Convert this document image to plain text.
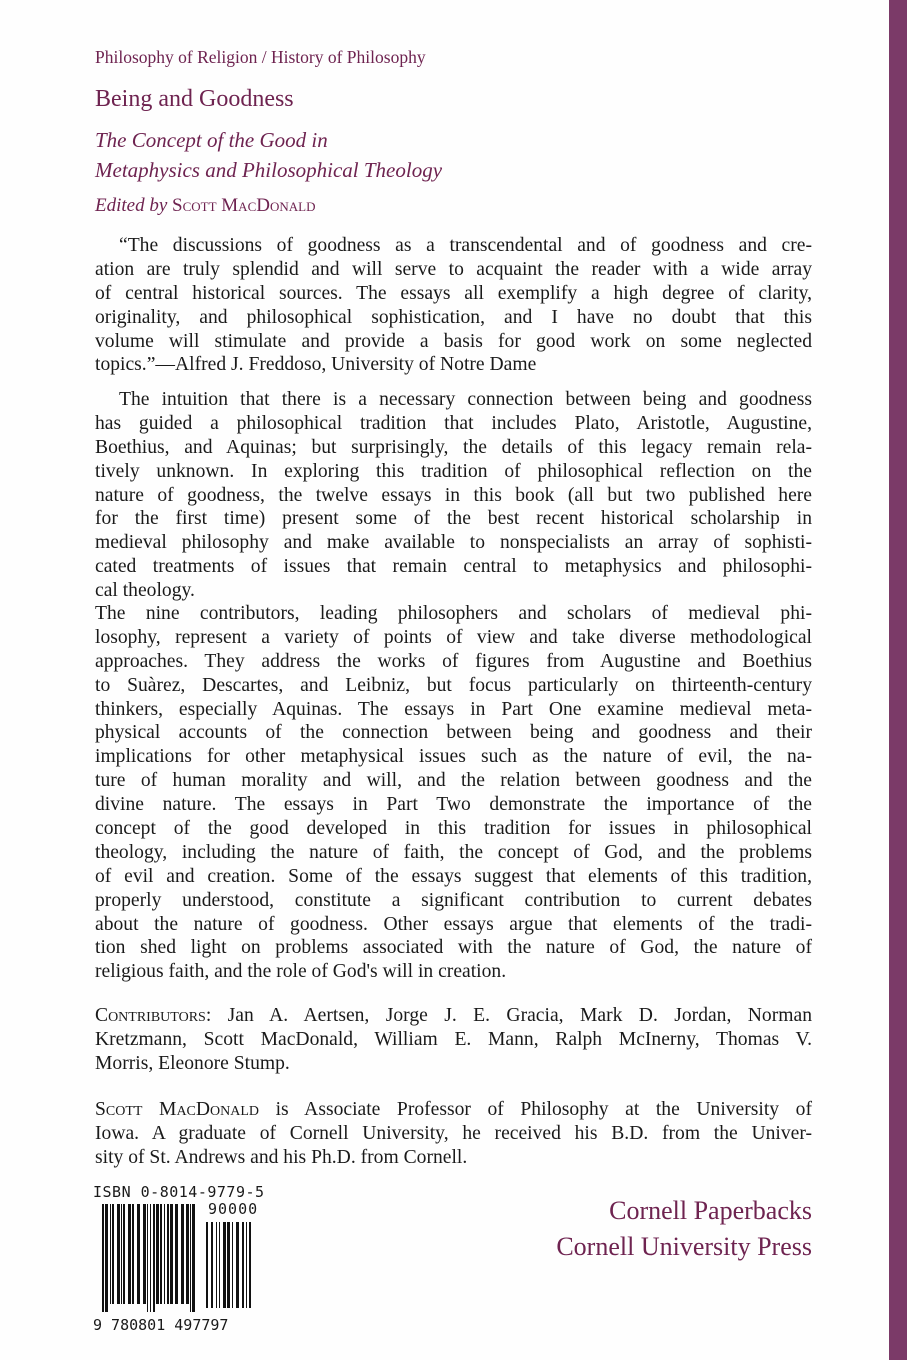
Philosophy of Religion / History of Philosophy
Being and Goodness
The Concept of the Good in
Metaphysics and Philosophical Theology
Edited by Scott MacDonald
“The discussions of goodness as a transcendental and of goodness and cre-
ation are truly splendid and will serve to acquaint the reader with a wide array
of central historical sources. The essays all exemplify a high degree of clarity,
originality, and philosophical sophistication, and I have no doubt that this
volume will stimulate and provide a basis for good work on some neglected
topics.”—Alfred J. Freddoso, University of Notre Dame
The intuition that there is a necessary connection between being and goodness
has guided a philosophical tradition that includes Plato, Aristotle, Augustine,
Boethius, and Aquinas; but surprisingly, the details of this legacy remain rela-
tively unknown. In exploring this tradition of philosophical reflection on the
nature of goodness, the twelve essays in this book (all but two published here
for the first time) present some of the best recent historical scholarship in
medieval philosophy and make available to nonspecialists an array of sophisti-
cated treatments of issues that remain central to metaphysics and philosophi-
cal theology.
The nine contributors, leading philosophers and scholars of medieval phi-
losophy, represent a variety of points of view and take diverse methodological
approaches. They address the works of figures from Augustine and Boethius
to Suàrez, Descartes, and Leibniz, but focus particularly on thirteenth-century
thinkers, especially Aquinas. The essays in Part One examine medieval meta-
physical accounts of the connection between being and goodness and their
implications for other metaphysical issues such as the nature of evil, the na-
ture of human morality and will, and the relation between goodness and the
divine nature. The essays in Part Two demonstrate the importance of the
concept of the good developed in this tradition for issues in philosophical
theology, including the nature of faith, the concept of God, and the problems
of evil and creation. Some of the essays suggest that elements of this tradition,
properly understood, constitute a significant contribution to current debates
about the nature of goodness. Other essays argue that elements of the tradi-
tion shed light on problems associated with the nature of God, the nature of
religious faith, and the role of God's will in creation.
Contributors: Jan A. Aertsen, Jorge J. E. Gracia, Mark D. Jordan, Norman
Kretzmann, Scott MacDonald, William E. Mann, Ralph McInerny, Thomas V.
Morris, Eleonore Stump.
Scott MacDonald is Associate Professor of Philosophy at the University of
Iowa. A graduate of Cornell University, he received his B.D. from the Univer-
sity of St. Andrews and his Ph.D. from Cornell.
ISBN 0-8014-9779-5
90000
9 780801 497797
Cornell Paperbacks
Cornell University Press
